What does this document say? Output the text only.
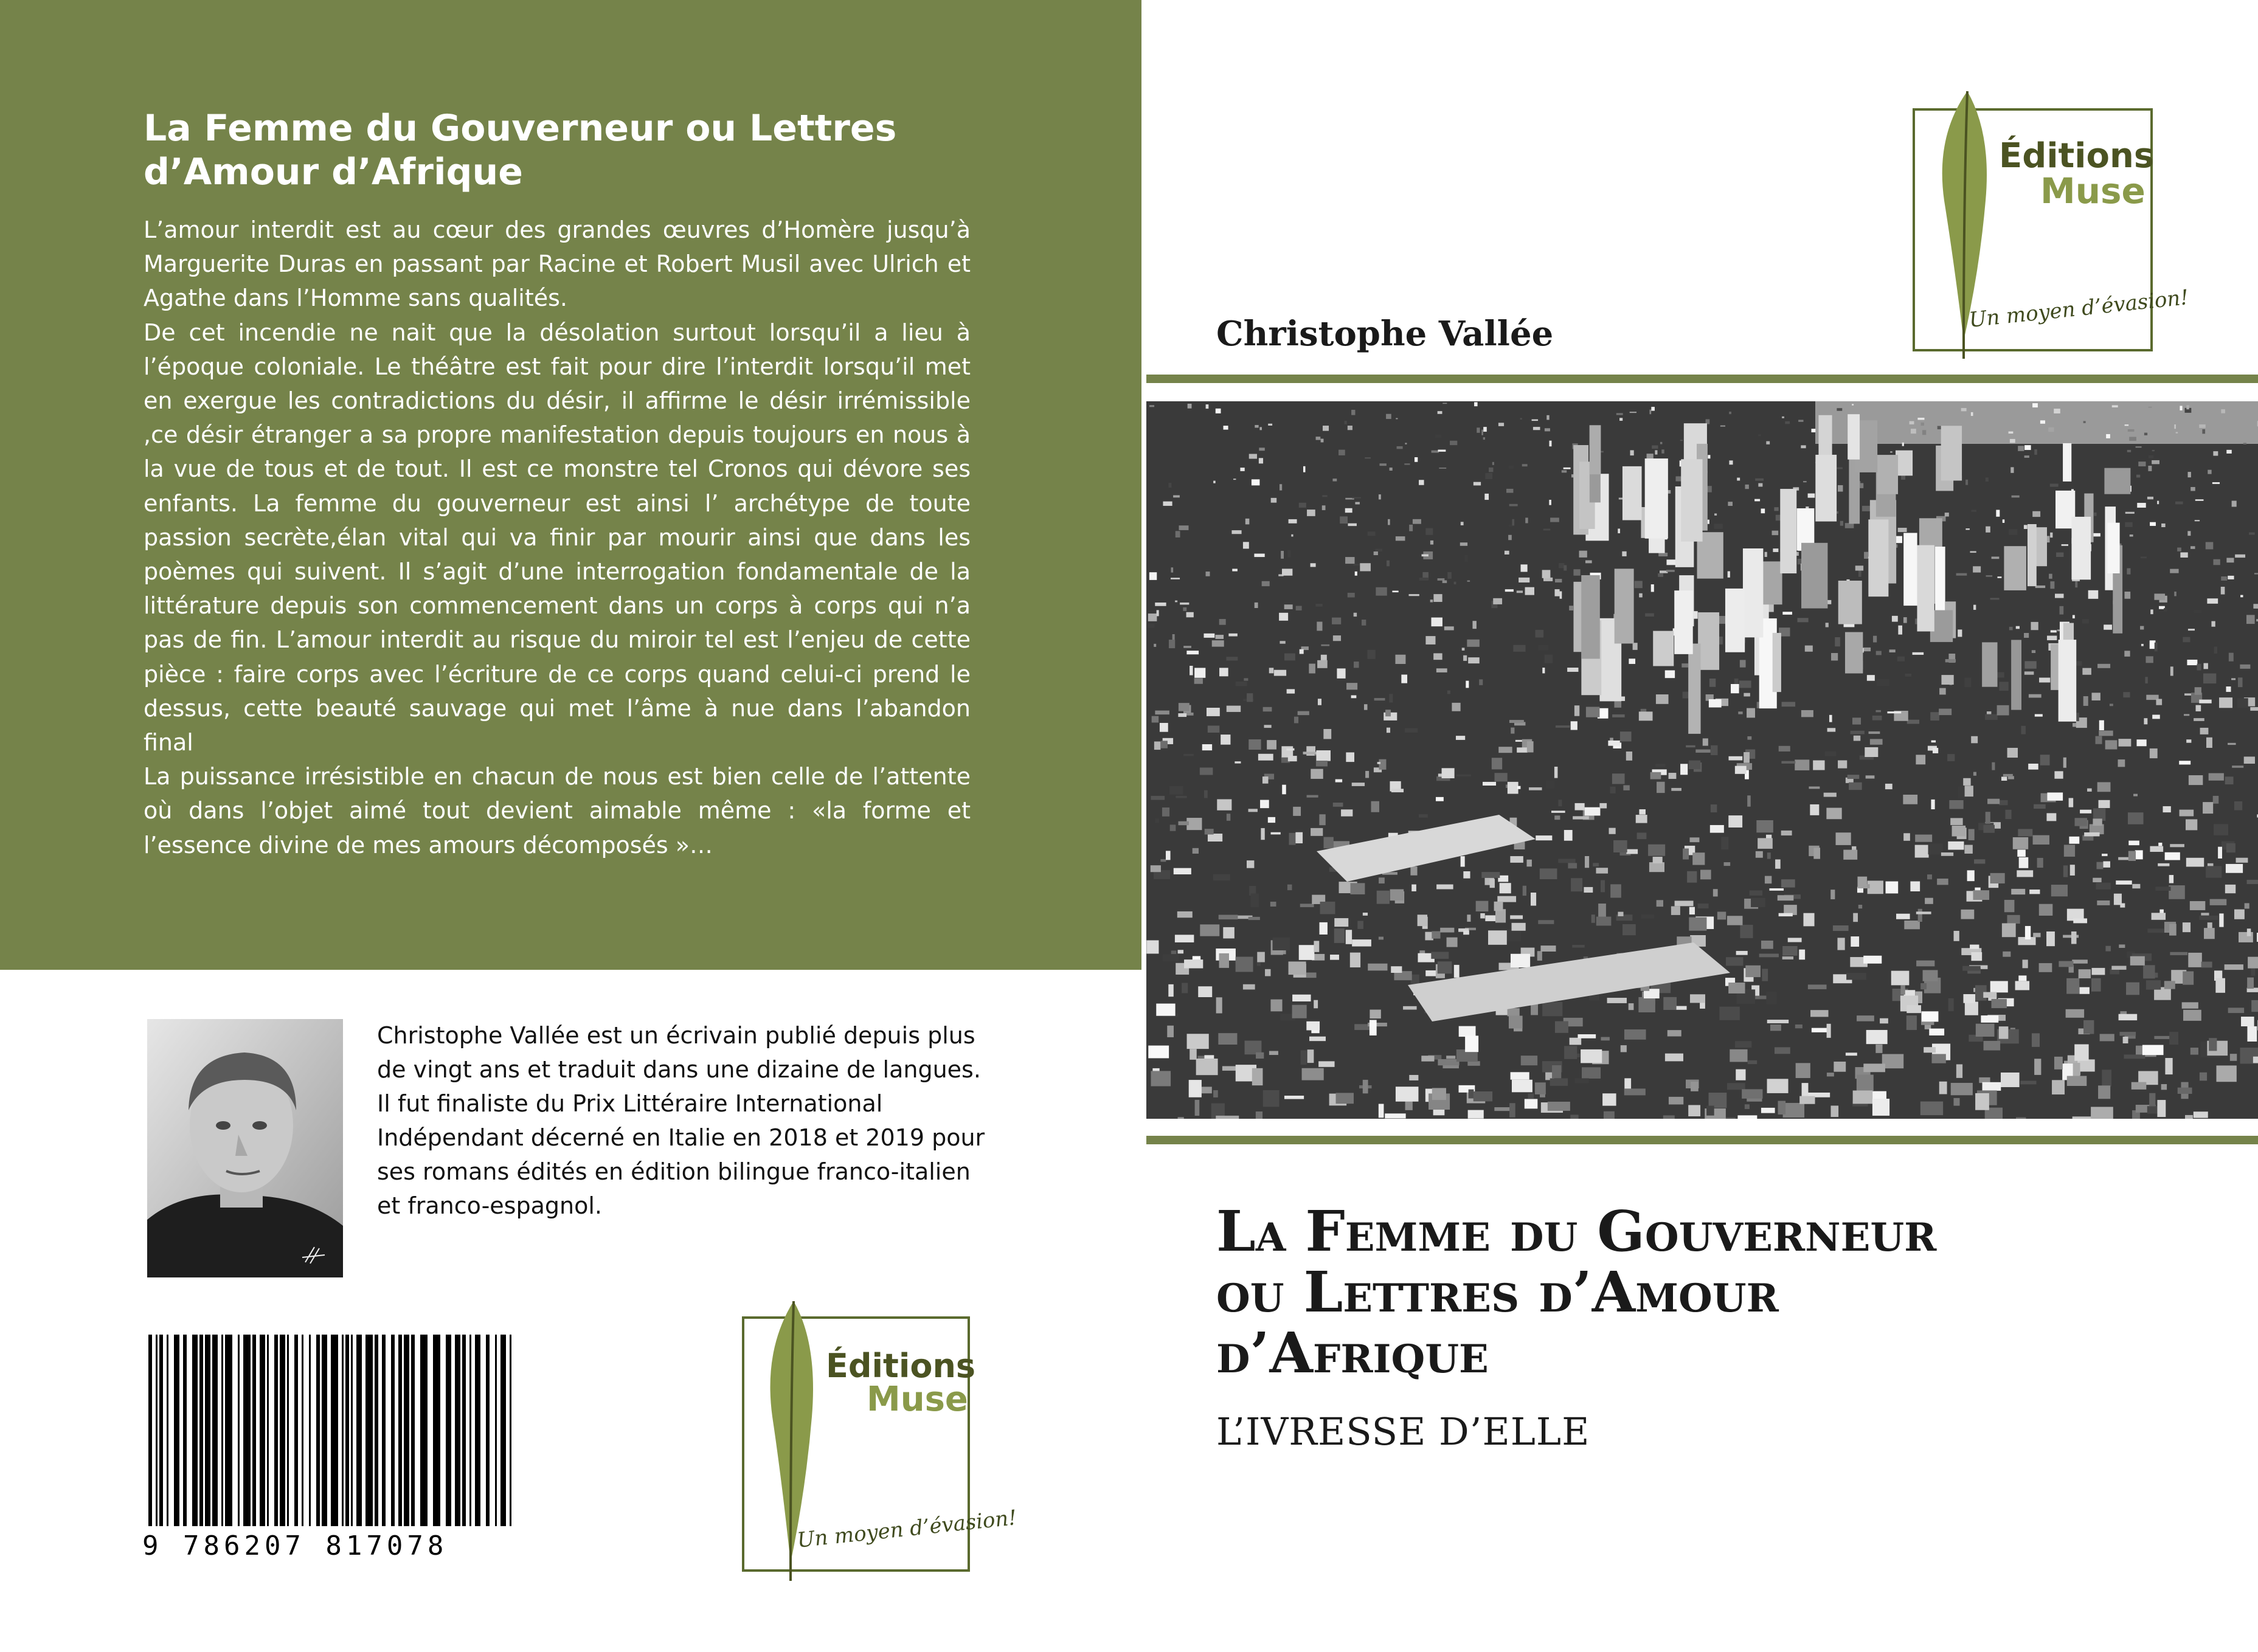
La Femme du Gouverneur ou Lettres d’Amour d’Afrique

L’amour interdit est au cœur des grandes œuvres d’Homère jusqu’à Marguerite Duras en passant par Racine et Robert Musil avec Ulrich et Agathe dans l’Homme sans qualités.

De cet incendie ne nait que la désolation surtout lorsqu’il a lieu à l’époque coloniale. Le théâtre est fait pour dire l’interdit lorsqu’il met en exergue les contradictions du désir, il affirme le désir irrémissible ,ce désir étranger a sa propre manifestation depuis toujours en nous à la vue de tous et de tout. Il est ce monstre tel Cronos qui dévore ses enfants. La femme du gouverneur est ainsi l’ archétype de toute passion secrète,élan vital qui va finir par mourir ainsi que dans les poèmes qui suivent. Il s’agit d’une interrogation fondamentale de la littérature depuis son commencement dans un corps à corps qui n’a pas de fin. L’amour interdit au risque du miroir tel est l’enjeu de cette pièce : faire corps avec l’écriture de ce corps quand celui-ci prend le dessus, cette beauté sauvage qui met l’âme à nue dans l’abandon final

La puissance irrésistible en chacun de nous est bien celle de l’attente où dans l’objet aimé tout devient aimable même : «la forme et l’essence divine de mes amours décomposés »…

Christophe Vallée est un écrivain publié depuis plus de vingt ans et traduit dans une dizaine de langues. Il fut finaliste du Prix Littéraire International Indépendant décerné en Italie en 2018 et 2019 pour ses romans édités en édition bilingue franco-italien et franco-espagnol.
9 786207 817078
Éditions
Muse
Un moyen d’évasion!
Éditions
Muse
Un moyen d’évasion!
Christophe Vallée
La Femme du Gouverneur
ou Lettres d’Amour
d’Afrique
L’IVRESSE D’ELLE
